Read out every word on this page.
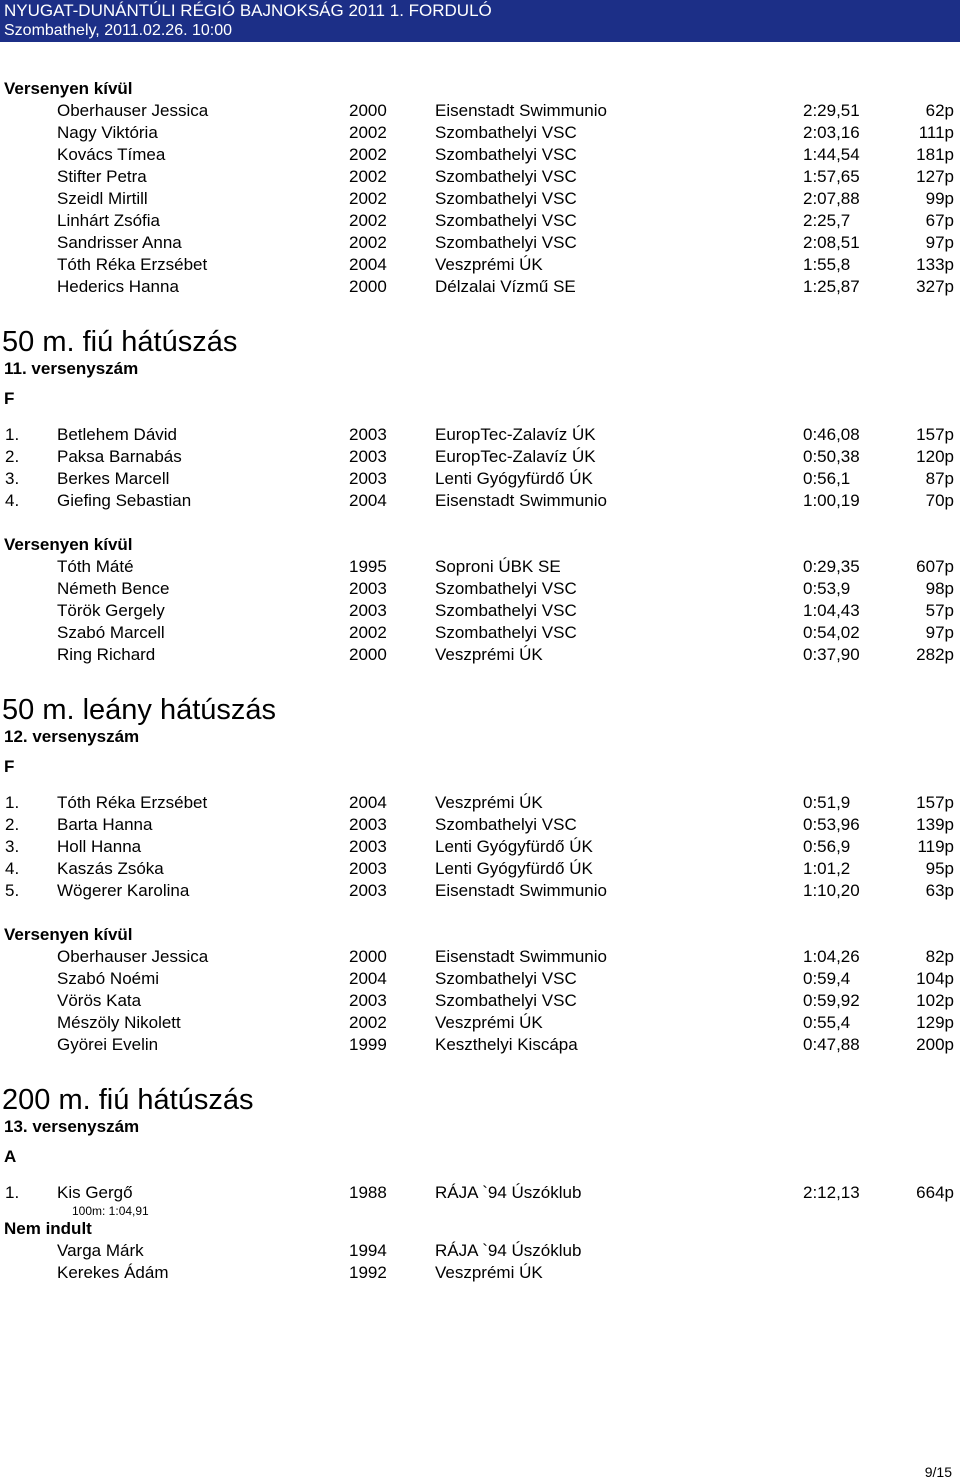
NYUGAT-DUNÁNTÚLI RÉGIÓ BAJNOKSÁG 2011 1. FORDULÓ
Szombathely, 2011.02.26. 10:00
Versenyen kívül
Oberhauser Jessica	2000	Eisenstadt Swimmunio	2:29,51	62p
Nagy Viktória	2002	Szombathelyi VSC	2:03,16	111p
Kovács Tímea	2002	Szombathelyi VSC	1:44,54	181p
Stifter Petra	2002	Szombathelyi VSC	1:57,65	127p
Szeidl Mirtill	2002	Szombathelyi VSC	2:07,88	99p
Linhárt Zsófia	2002	Szombathelyi VSC	2:25,7	67p
Sandrisser Anna	2002	Szombathelyi VSC	2:08,51	97p
Tóth Réka Erzsébet	2004	Veszprémi ÚK	1:55,8	133p
Hederics Hanna	2000	Délzalai Vízmű SE	1:25,87	327p
50 m. fiú hátúszás
11. versenyszám
F
1. Betlehem Dávid	2003	EuropTec-Zalavíz ÚK	0:46,08	157p
2. Paksa Barnabás	2003	EuropTec-Zalavíz ÚK	0:50,38	120p
3. Berkes Marcell	2003	Lenti Gyógyfürdő ÚK	0:56,1	87p
4. Giefing Sebastian	2004	Eisenstadt Swimmunio	1:00,19	70p
Versenyen kívül
Tóth Máté	1995	Soproni ÚBK SE	0:29,35	607p
Németh Bence	2003	Szombathelyi VSC	0:53,9	98p
Török Gergely	2003	Szombathelyi VSC	1:04,43	57p
Szabó Marcell	2002	Szombathelyi VSC	0:54,02	97p
Ring Richard	2000	Veszprémi ÚK	0:37,90	282p
50 m. leány hátúszás
12. versenyszám
F
1. Tóth Réka Erzsébet	2004	Veszprémi ÚK	0:51,9	157p
2. Barta Hanna	2003	Szombathelyi VSC	0:53,96	139p
3. Holl Hanna	2003	Lenti Gyógyfürdő ÚK	0:56,9	119p
4. Kaszás Zsóka	2003	Lenti Gyógyfürdő ÚK	1:01,2	95p
5. Wögerer Karolina	2003	Eisenstadt Swimmunio	1:10,20	63p
Versenyen kívül
Oberhauser Jessica	2000	Eisenstadt Swimmunio	1:04,26	82p
Szabó Noémi	2004	Szombathelyi VSC	0:59,4	104p
Vörös Kata	2003	Szombathelyi VSC	0:59,92	102p
Mészöly Nikolett	2002	Veszprémi ÚK	0:55,4	129p
Györei Evelin	1999	Keszthelyi Kiscápa	0:47,88	200p
200 m. fiú hátúszás
13. versenyszám
A
1. Kis Gergő	1988	RÁJA `94 Úszóklub	2:12,13	664p
100m: 1:04,91
Nem indult
Varga Márk	1994	RÁJA `94 Úszóklub
Kerekes Ádám	1992	Veszprémi ÚK
9/15
